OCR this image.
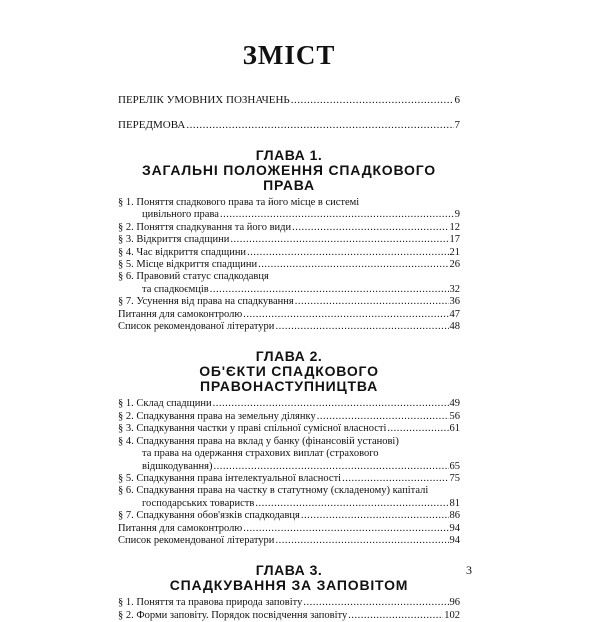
ЗМІСТ
ПЕРЕЛІК УМОВНИХ ПОЗНАЧЕНЬ .....	6
ПЕРЕДМОВА .....	7
ГЛАВА 1.
ЗАГАЛЬНІ ПОЛОЖЕННЯ СПАДКОВОГО ПРАВА
§ 1. Поняття спадкового права та його місце в системі
цивільного права .....	9
§ 2. Поняття спадкування та його види .....	12
§ 3. Відкриття спадщини .....	17
§ 4. Час відкриття спадщини .....	21
§ 5. Місце відкриття спадщини .....	26
§ 6. Правовий статус спадкодавця
та спадкоємців .....	32
§ 7. Усунення від права на спадкування .....	36
Питання для самоконтролю .....	47
Список рекомендованої літератури .....	48
ГЛАВА 2.
ОБ'ЄКТИ СПАДКОВОГО ПРАВОНАСТУПНИЦТВА
§ 1. Склад спадщини .....	49
§ 2. Спадкування права на земельну ділянку .....	56
§ 3. Спадкування частки у праві спільної сумісної власності .....	61
§ 4. Спадкування права на вклад у банку (фінансовій установі)
та права на одержання страхових виплат (страхового
відшкодування) .....	65
§ 5. Спадкування права інтелектуальної власності .....	75
§ 6. Спадкування права на частку в статутному (складеному) капіталі
господарських товариств .....	81
§ 7. Спадкування обов'язків спадкодавця .....	86
Питання для самоконтролю .....	94
Список рекомендованої літератури .....	94
ГЛАВА 3.
СПАДКУВАННЯ ЗА ЗАПОВІТОМ
§ 1. Поняття та правова природа заповіту .....	96
§ 2. Форми заповіту. Порядок посвідчення заповіту .....	102
3
